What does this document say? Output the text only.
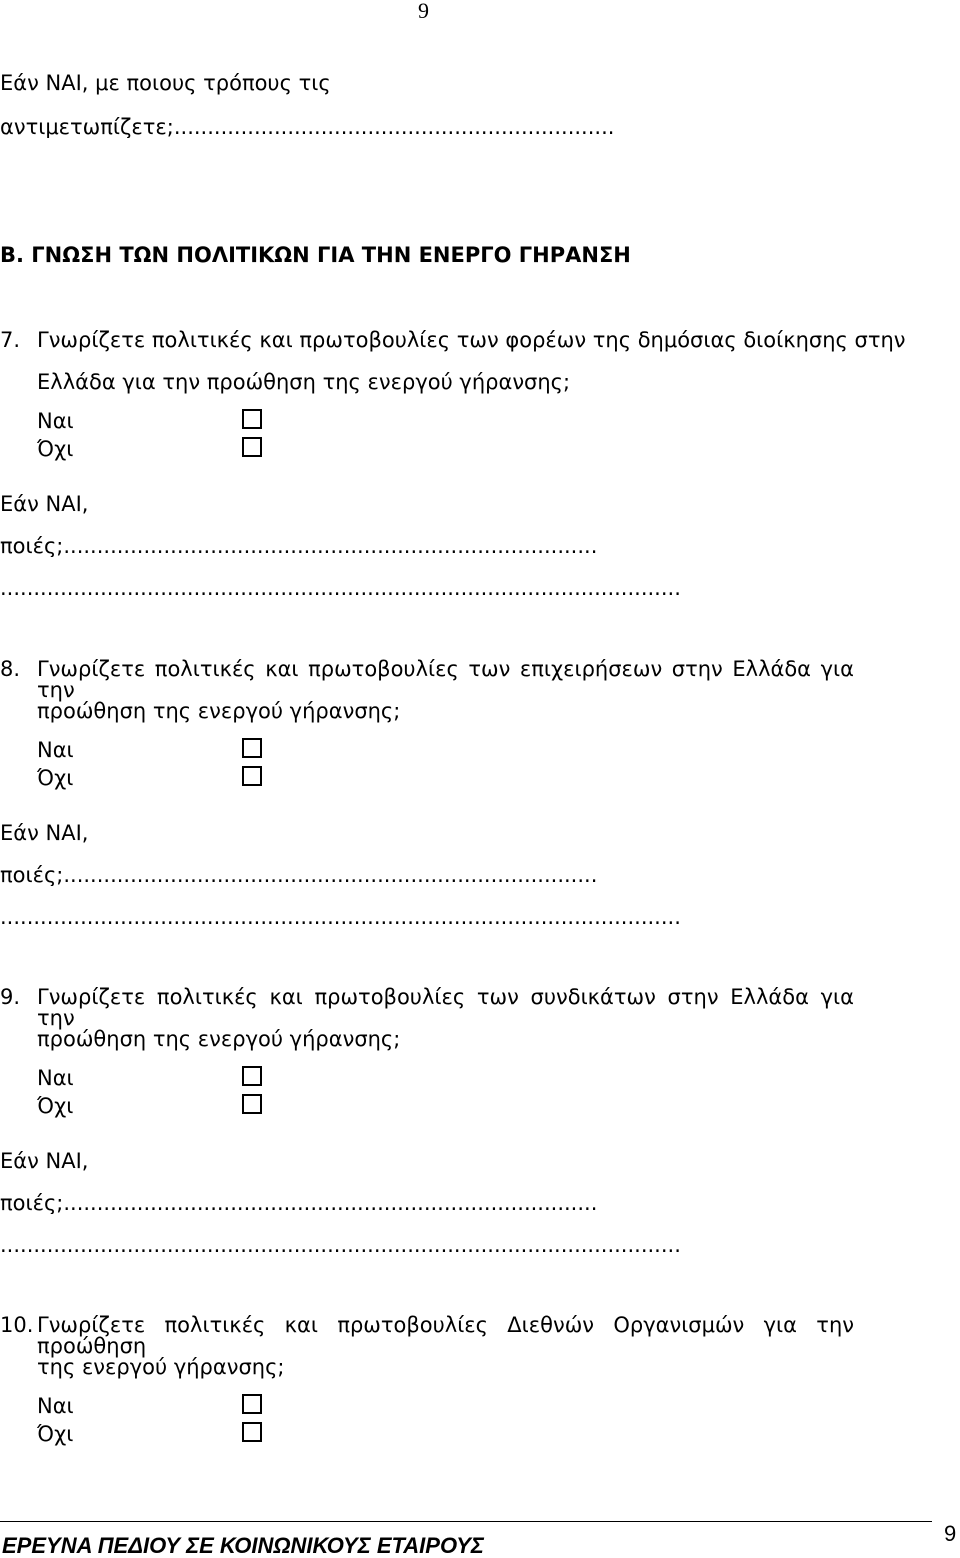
9
Εάν ΝΑΙ, με ποιους τρόπους τις
αντιμετωπίζετε;..................................................................
Β. ΓΝΩΣΗ ΤΩΝ ΠΟΛΙΤΙΚΩΝ ΓΙΑ ΤΗΝ ΕΝΕΡΓΟ ΓΗΡΑΝΣΗ
7. Γνωρίζετε πολιτικές και πρωτοβουλίες των φορέων της δημόσιας διοίκησης στην
Ελλάδα για την προώθηση της ενεργού γήρανσης;
Ναι
Όχι
Εάν ΝΑΙ,
ποιές;................................................................................
......................................................................................................
8. Γνωρίζετε πολιτικές και πρωτοβουλίες των επιχειρήσεων στην Ελλάδα για την
προώθηση της ενεργού γήρανσης;
Ναι
Όχι
Εάν ΝΑΙ,
ποιές;................................................................................
......................................................................................................
9. Γνωρίζετε πολιτικές και πρωτοβουλίες των συνδικάτων στην Ελλάδα για την
προώθηση της ενεργού γήρανσης;
Ναι
Όχι
Εάν ΝΑΙ,
ποιές;................................................................................
......................................................................................................
10. Γνωρίζετε πολιτικές και πρωτοβουλίες Διεθνών Οργανισμών για την προώθηση
της ενεργού γήρανσης;
Ναι
Όχι
ΕΡΕΥΝΑ ΠΕΔΙΟΥ ΣΕ ΚΟΙΝΩΝΙΚΟΥΣ ΕΤΑΙΡΟΥΣ	9
